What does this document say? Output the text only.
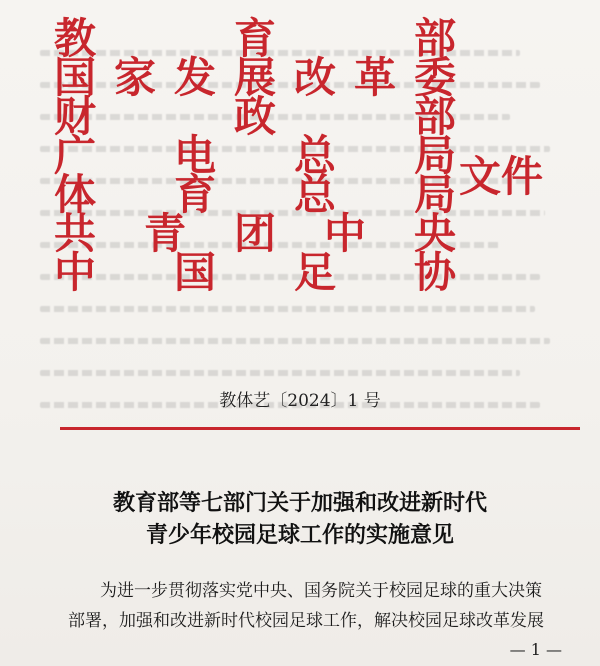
文件
教	育	部
国 家 发 展 改 革 委
财	政	部
广 电 总 局
体 育 总 局
共 青 团 中 央
中 国 足 协
教体艺〔2024〕1 号
教育部等七部门关于加强和改进新时代
青少年校园足球工作的实施意见
为进一步贯彻落实党中央、国务院关于校园足球的重大决策
部署，加强和改进新时代校园足球工作，解决校园足球改革发展
— 1 —
